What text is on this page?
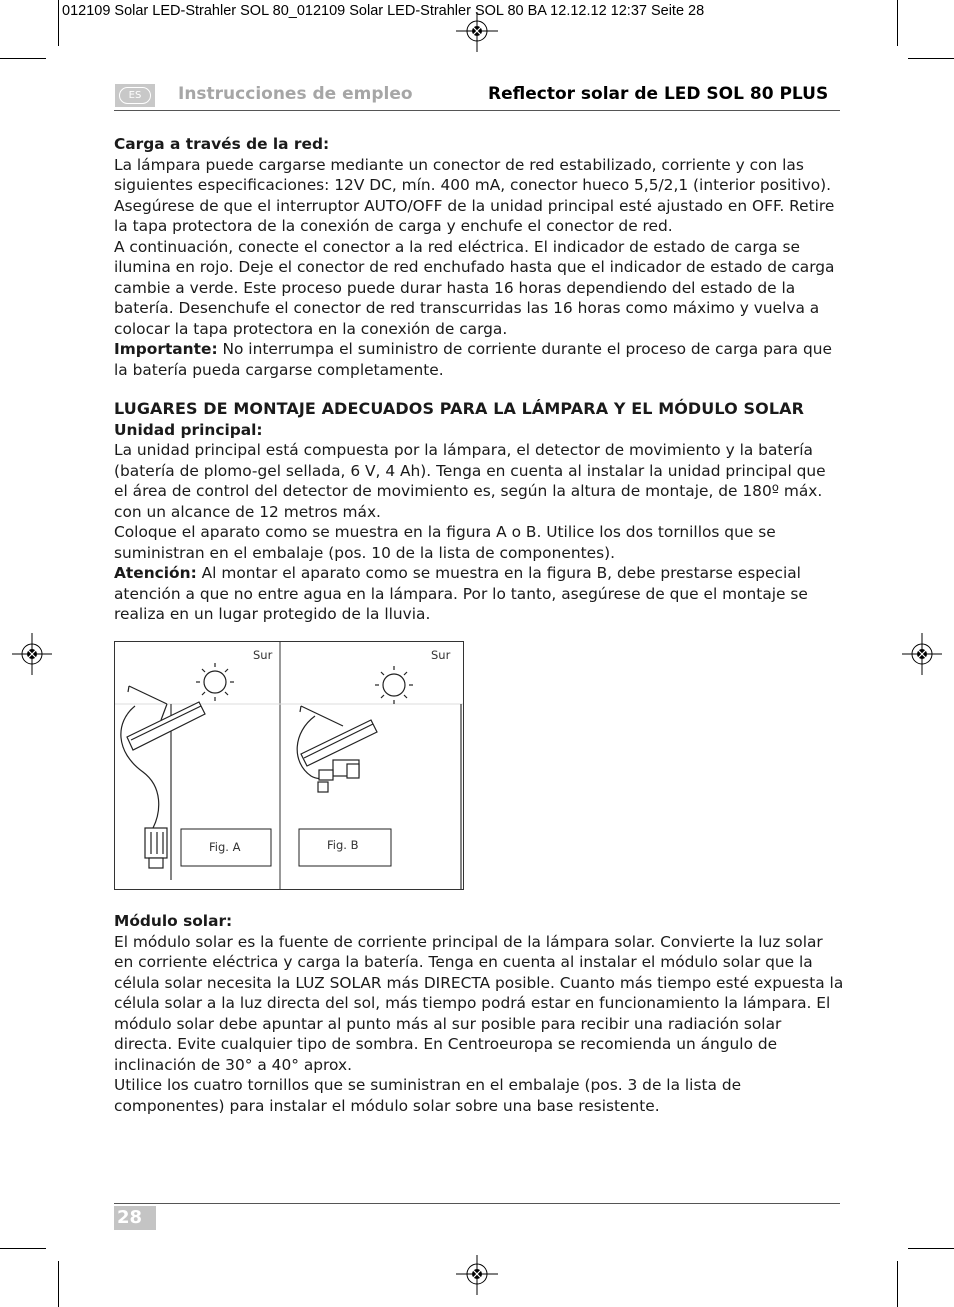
012109 Solar LED-Strahler SOL 80_012109 Solar LED-Strahler SOL 80 BA 12.12.12 12:37 Seite 28
ES	Instrucciones de empleo	Reflector solar de LED SOL 80 PLUS

Carga a través de la red:

La lámpara puede cargarse mediante un conector de red estabilizado, corriente y con las siguientes especificaciones: 12V DC, mín. 400 mA, conector hueco 5,5/2,1 (interior positivo). Asegúrese de que el interruptor AUTO/OFF de la unidad principal esté ajustado en OFF. Retire la tapa protectora de la conexión de carga y enchufe el conector de red.

A continuación, conecte el conector a la red eléctrica. El indicador de estado de carga se ilumina en rojo. Deje el conector de red enchufado hasta que el indicador de estado de carga cambie a verde. Este proceso puede durar hasta 16 horas dependiendo del estado de la batería. Desenchufe el conector de red transcurridas las 16 horas como máximo y vuelva a colocar la tapa protectora en la conexión de carga.

Importante: No interrumpa el suministro de corriente durante el proceso de carga para que la batería pueda cargarse completamente.

LUGARES DE MONTAJE ADECUADOS PARA LA LÁMPARA Y EL MÓDULO SOLAR

Unidad principal:

La unidad principal está compuesta por la lámpara, el detector de movimiento y la batería (batería de plomo-gel sellada, 6 V, 4 Ah). Tenga en cuenta al instalar la unidad principal que el área de control del detector de movimiento es, según la altura de montaje, de 180º máx. con un alcance de 12 metros máx.

Coloque el aparato como se muestra en la figura A o B. Utilice los dos tornillos que se suministran en el embalaje (pos. 10 de la lista de componentes).

Atención: Al montar el aparato como se muestra en la figura B, debe prestarse especial atención a que no entre agua en la lámpara. Por lo tanto, asegúrese de que el montaje se realiza en un lugar protegido de la lluvia.

Sur	Sur
Fig. A	Fig. B

Módulo solar:

El módulo solar es la fuente de corriente principal de la lámpara solar. Convierte la luz solar en corriente eléctrica y carga la batería. Tenga en cuenta al instalar el módulo solar que la célula solar necesita la LUZ SOLAR más DIRECTA posible. Cuanto más tiempo esté expuesta la célula solar a la luz directa del sol, más tiempo podrá estar en funcionamiento la lámpara. El módulo solar debe apuntar al punto más al sur posible para recibir una radiación solar directa. Evite cualquier tipo de sombra. En Centroeuropa se recomienda un ángulo de inclinación de 30° a 40° aprox.

Utilice los cuatro tornillos que se suministran en el embalaje (pos. 3 de la lista de componentes) para instalar el módulo solar sobre una base resistente.

28
